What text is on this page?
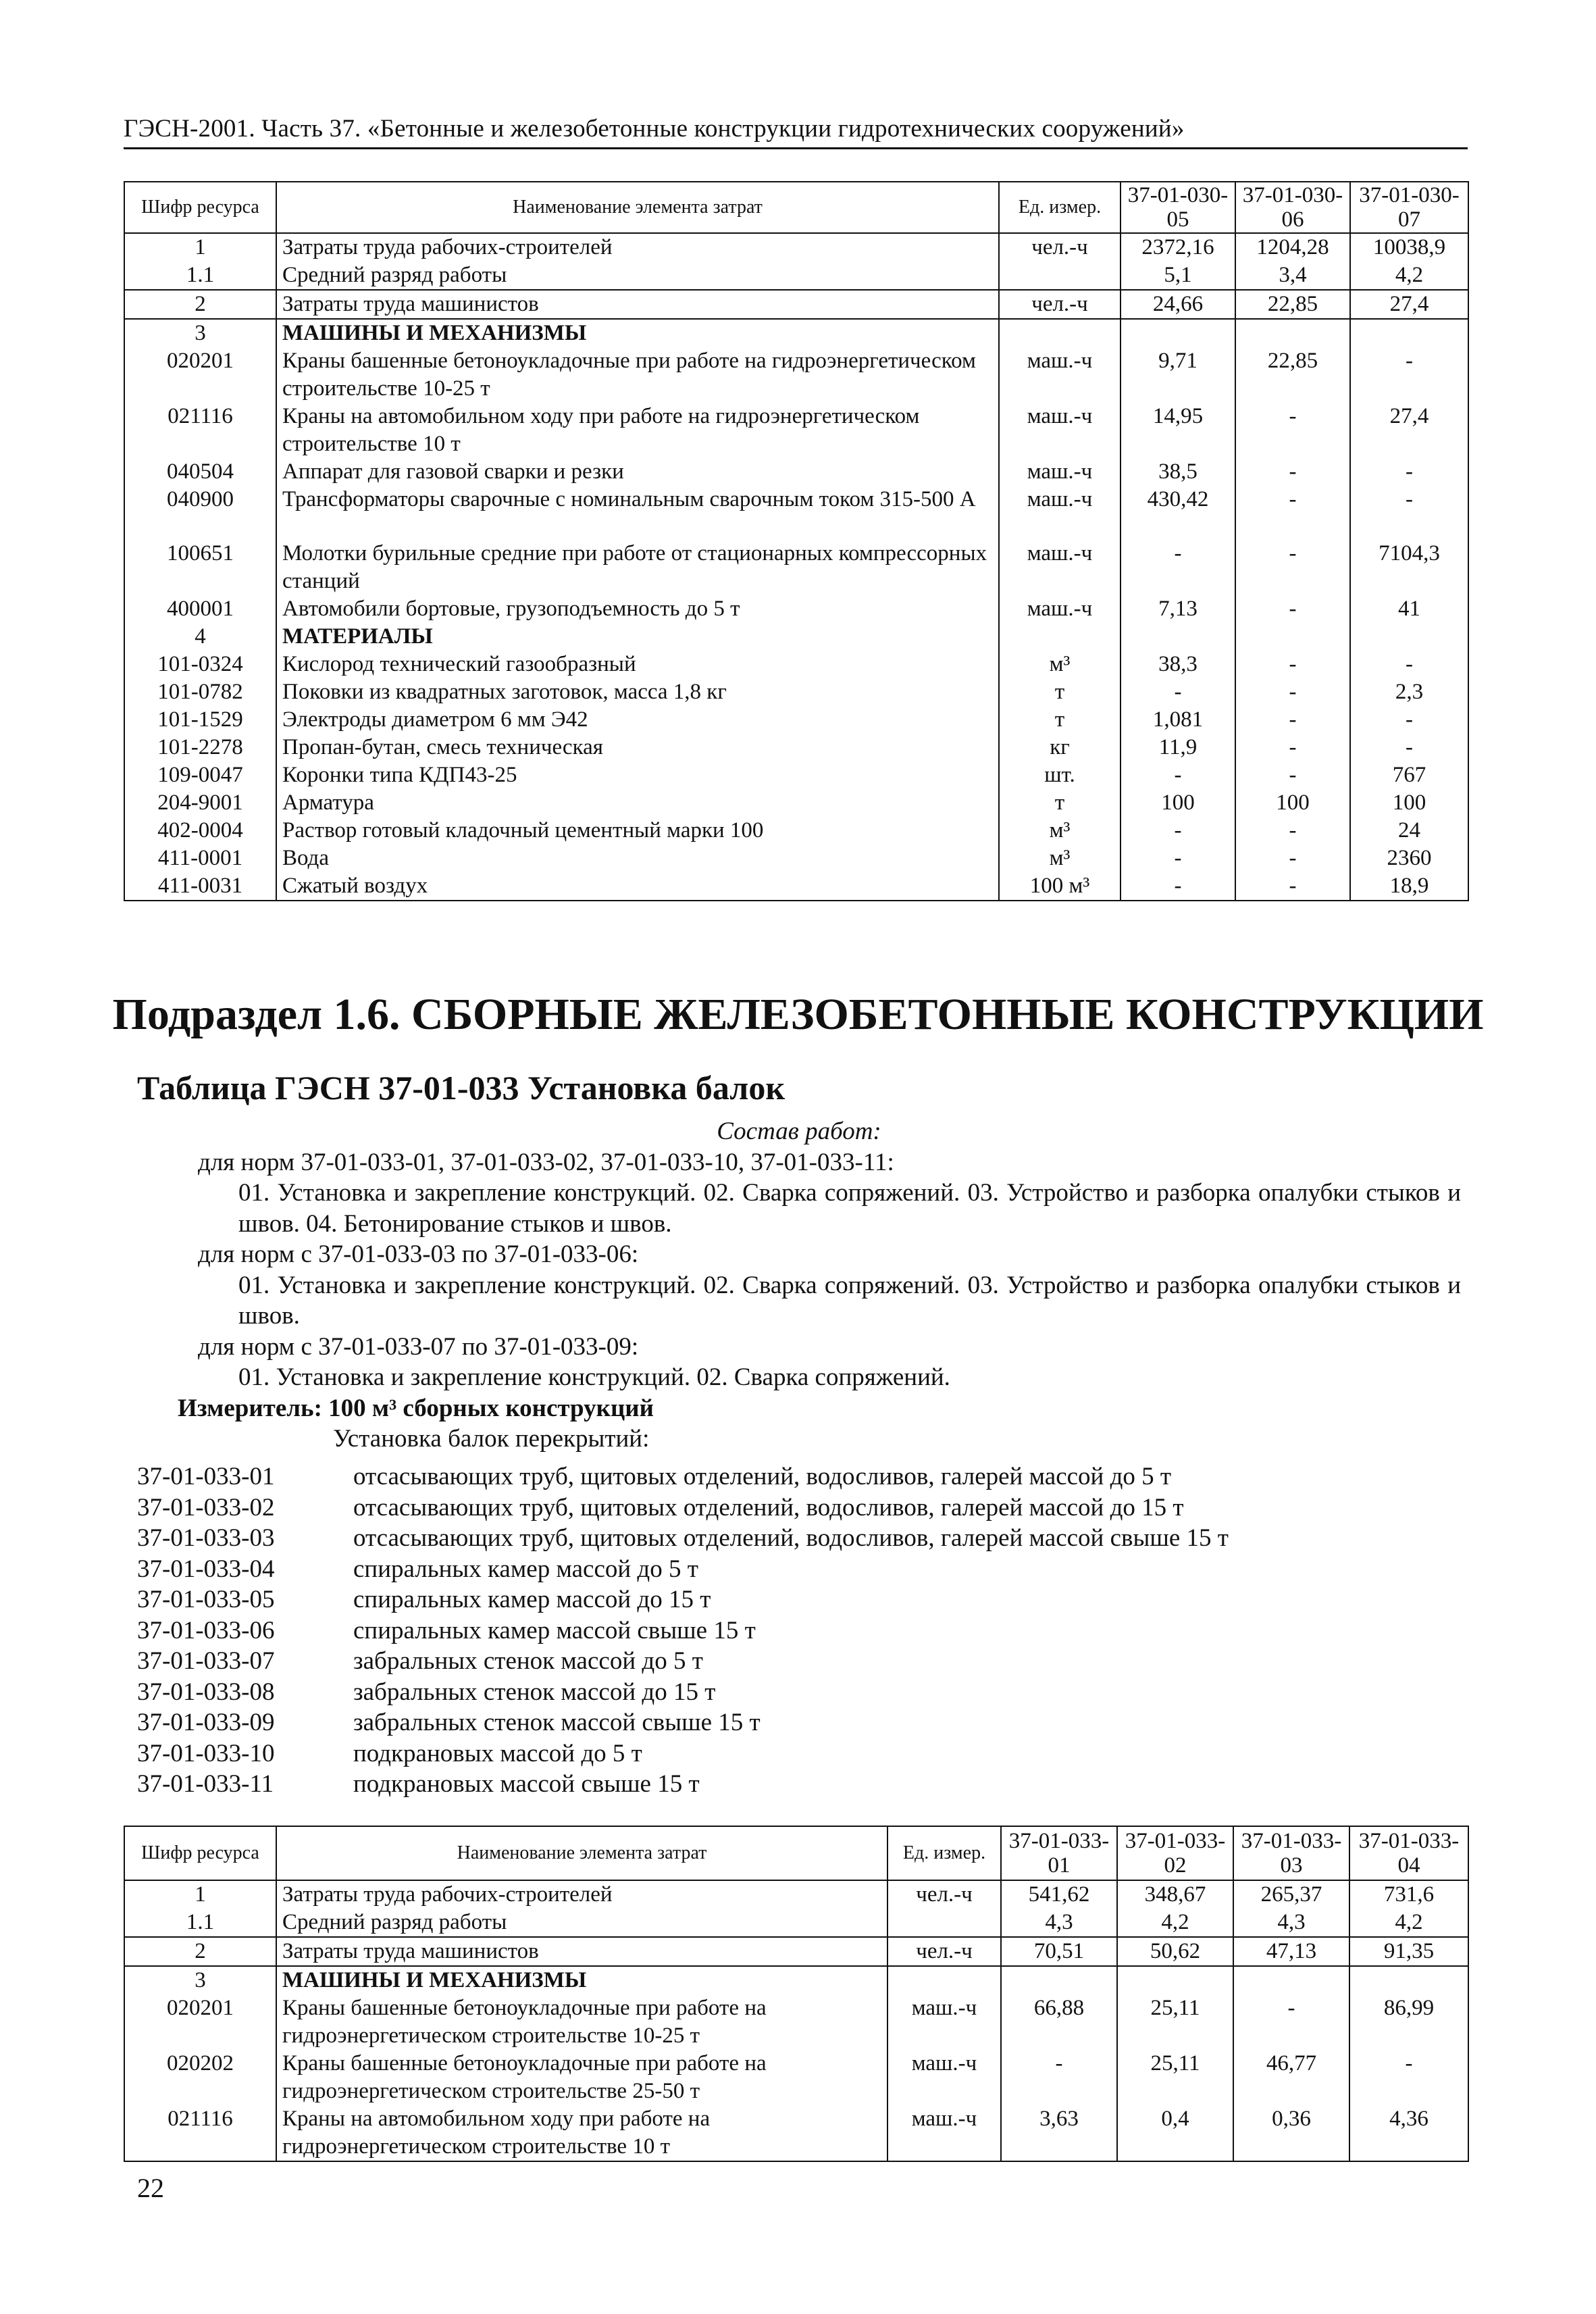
ГЭСН-2001. Часть 37. «Бетонные и железобетонные конструкции гидротехнических сооружений»
Шифр ресурса	Наименование элемента затрат	Ед. измер.	37-01-030-05	37-01-030-06	37-01-030-07
1	Затраты труда рабочих-строителей	чел.-ч	2372,16	1204,28	10038,9
1.1	Средний разряд работы		5,1	3,4	4,2
2	Затраты труда машинистов	чел.-ч	24,66	22,85	27,4
3	МАШИНЫ И МЕХАНИЗМЫ				
020201	Краны башенные бетоноукладочные при работе на гидроэнергетическом строительстве 10-25 т	маш.-ч	9,71	22,85	-
021116	Краны на автомобильном ходу при работе на гидроэнергетическом строительстве 10 т	маш.-ч	14,95	-	27,4
040504	Аппарат для газовой сварки и резки	маш.-ч	38,5	-	-
040900	Трансформаторы сварочные с номинальным сварочным током 315-500 А	маш.-ч	430,42	-	-
100651	Молотки бурильные средние при работе от стационарных компрессорных станций	маш.-ч	-	-	7104,3
400001	Автомобили бортовые, грузоподъемность до 5 т	маш.-ч	7,13	-	41
4	МАТЕРИАЛЫ				
101-0324	Кислород технический газообразный	м³	38,3	-	-
101-0782	Поковки из квадратных заготовок, масса 1,8 кг	т	-	-	2,3
101-1529	Электроды диаметром 6 мм Э42	т	1,081	-	-
101-2278	Пропан-бутан, смесь техническая	кг	11,9	-	-
109-0047	Коронки типа КДП43-25	шт.	-	-	767
204-9001	Арматура	т	100	100	100
402-0004	Раствор готовый кладочный цементный марки 100	м³	-	-	24
411-0001	Вода	м³	-	-	2360
411-0031	Сжатый воздух	100 м³	-	-	18,9
Подраздел 1.6. СБОРНЫЕ ЖЕЛЕЗОБЕТОННЫЕ КОНСТРУКЦИИ
Таблица ГЭСН 37-01-033 Установка балок

Состав работ:

для норм 37-01-033-01, 37-01-033-02, 37-01-033-10, 37-01-033-11:

01. Установка и закрепление конструкций. 02. Сварка сопряжений. 03. Устройство и разборка опалубки стыков и швов. 04. Бетонирование стыков и швов.

для норм с 37-01-033-03 по 37-01-033-06:

01. Установка и закрепление конструкций. 02. Сварка сопряжений. 03. Устройство и разборка опалубки стыков и швов.

для норм с 37-01-033-07 по 37-01-033-09:

01. Установка и закрепление конструкций. 02. Сварка сопряжений.

Измеритель: 100 м³ сборных конструкций

Установка балок перекрытий:

37-01-033-01	отсасывающих труб, щитовых отделений, водосливов, галерей массой до 5 т
37-01-033-02	отсасывающих труб, щитовых отделений, водосливов, галерей массой до 15 т
37-01-033-03	отсасывающих труб, щитовых отделений, водосливов, галерей массой свыше 15 т
37-01-033-04	спиральных камер массой до 5 т
37-01-033-05	спиральных камер массой до 15 т
37-01-033-06	спиральных камер массой свыше 15 т
37-01-033-07	забральных стенок массой до 5 т
37-01-033-08	забральных стенок массой до 15 т
37-01-033-09	забральных стенок массой свыше 15 т
37-01-033-10	подкрановых массой до 5 т
37-01-033-11	подкрановых массой свыше 15 т
Шифр ресурса	Наименование элемента затрат	Ед. измер.	37-01-033-01	37-01-033-02	37-01-033-03	37-01-033-04
1	Затраты труда рабочих-строителей	чел.-ч	541,62	348,67	265,37	731,6
1.1	Средний разряд работы		4,3	4,2	4,3	4,2
2	Затраты труда машинистов	чел.-ч	70,51	50,62	47,13	91,35
3	МАШИНЫ И МЕХАНИЗМЫ					
020201	Краны башенные бетоноукладочные при работе на гидроэнергетическом строительстве 10-25 т	маш.-ч	66,88	25,11	-	86,99
020202	Краны башенные бетоноукладочные при работе на гидроэнергетическом строительстве 25-50 т	маш.-ч	-	25,11	46,77	-
021116	Краны на автомобильном ходу при работе на гидроэнергетическом строительстве 10 т	маш.-ч	3,63	0,4	0,36	4,36
22
